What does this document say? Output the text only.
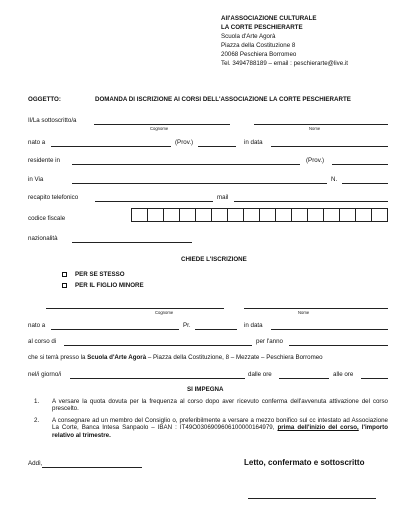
All'ASSOCIAZIONE CULTURALE
LA CORTE PESCHIERARTE
Scuola d'Arte Agorà
Piazza della Costituzione 8
20068 Peschiera Borromeo
Tel. 3494788189 – email : peschierarte@live.it
OGGETTO:	DOMANDA DI ISCRIZIONE AI CORSI DELL'ASSOCIAZIONE LA CORTE PESCHIERARTE
Il/La sottoscritto/a
Cognome	Nome
nato a	(Prov.)	in data
residente in	(Prov.)
in Via	N.
recapito telefonico	mail
codice fiscale
nazionalità
CHIEDE L'ISCRIZIONE
PER SE STESSO
PER IL FIGLIO MINORE
Cognome	Nome
nato a	Pr.	in data
al corso di	per l'anno
che si terrà presso la Scuola d'Arte Agorà – Piazza della Costituzione, 8 – Mezzate – Peschiera Borromeo
nel/i giorno/i	dalle ore	alle ore
SI IMPEGNA
1. A versare la quota dovuta per la frequenza al corso dopo aver ricevuto conferma dell'avvenuta attivazione del corso prescelto.
2. A consegnare ad un membro del Consiglio o, preferibilmente a versare a mezzo bonifico sul cc intestato ad Associazione La Corte, Banca Intesa Sanpaolo – IBAN : IT49O0306909606100000164979, prima dell'inizio del corso, l'importo relativo al trimestre.
Addì,	Letto, confermato e sottoscritto
